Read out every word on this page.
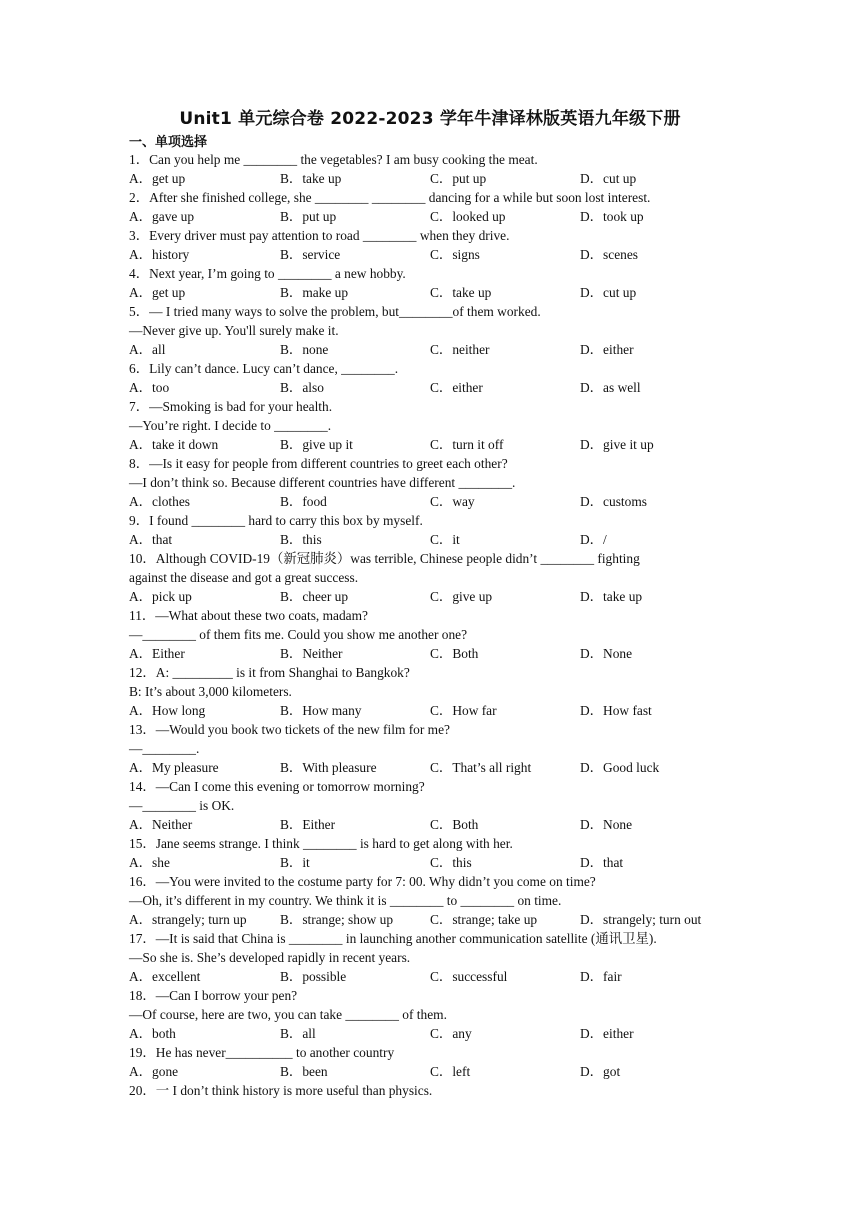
Unit1 单元综合卷 2022-2023 学年牛津译林版英语九年级下册
一、单项选择
1．Can you help me ________ the vegetables? I am busy cooking the meat.
A．get up	B．take up	C．put up	D．cut up
2．After she finished college, she ________ ________ dancing for a while but soon lost interest.
A．gave up	B．put up	C．looked up	D．took up
3．Every driver must pay attention to road ________ when they drive.
A．history	B．service	C．signs	D．scenes
4．Next year, I’m going to ________ a new hobby.
A．get up	B．make up	C．take up	D．cut up
5．— I tried many ways to solve the problem, but________of them worked.
—Never give up. You'll surely make it.
A．all	B．none	C．neither	D．either
6．Lily can’t dance. Lucy can’t dance, ________.
A．too	B．also	C．either	D．as well
7．—Smoking is bad for your health.
—You’re right. I decide to ________.
A．take it down	B．give up it	C．turn it off	D．give it up
8．—Is it easy for people from different countries to greet each other?
—I don’t think so. Because different countries have different ________.
A．clothes	B．food	C．way	D．customs
9．I found ________ hard to carry this box by myself.
A．that	B．this	C．it	D．/
10．Although COVID-19（新冠肺炎）was terrible, Chinese people didn’t ________ fighting
against the disease and got a great success.
A．pick up	B．cheer up	C．give up	D．take up
11．—What about these two coats, madam?
—________ of them fits me. Could you show me another one?
A．Either	B．Neither	C．Both	D．None
12．A: _________ is it from Shanghai to Bangkok?
B: It’s about 3,000 kilometers.
A．How long	B．How many	C．How far	D．How fast
13．—Would you book two tickets of the new film for me?
—________.
A．My pleasure	B．With pleasure	C．That’s all right	D．Good luck
14．—Can I come this evening or tomorrow morning?
—________ is OK.
A．Neither	B．Either	C．Both	D．None
15．Jane seems strange. I think ________ is hard to get along with her.
A．she	B．it	C．this	D．that
16．—You were invited to the costume party for 7: 00. Why didn’t you come on time?
—Oh, it’s different in my country. We think it is ________ to ________ on time.
A．strangely; turn up B．strange; show up	C．strange; take up	D．strangely; turn out
17．—It is said that China is ________ in launching another communication satellite (通讯卫星).
—So she is. She’s developed rapidly in recent years.
A．excellent	B．possible	C．successful	D．fair
18．—Can I borrow your pen?
—Of course, here are two, you can take ________ of them.
A．both	B．all	C．any	D．either
19．He has never__________ to another country
A．gone	B．been	C．left	D．got
20．一 I don’t think history is more useful than physics.
